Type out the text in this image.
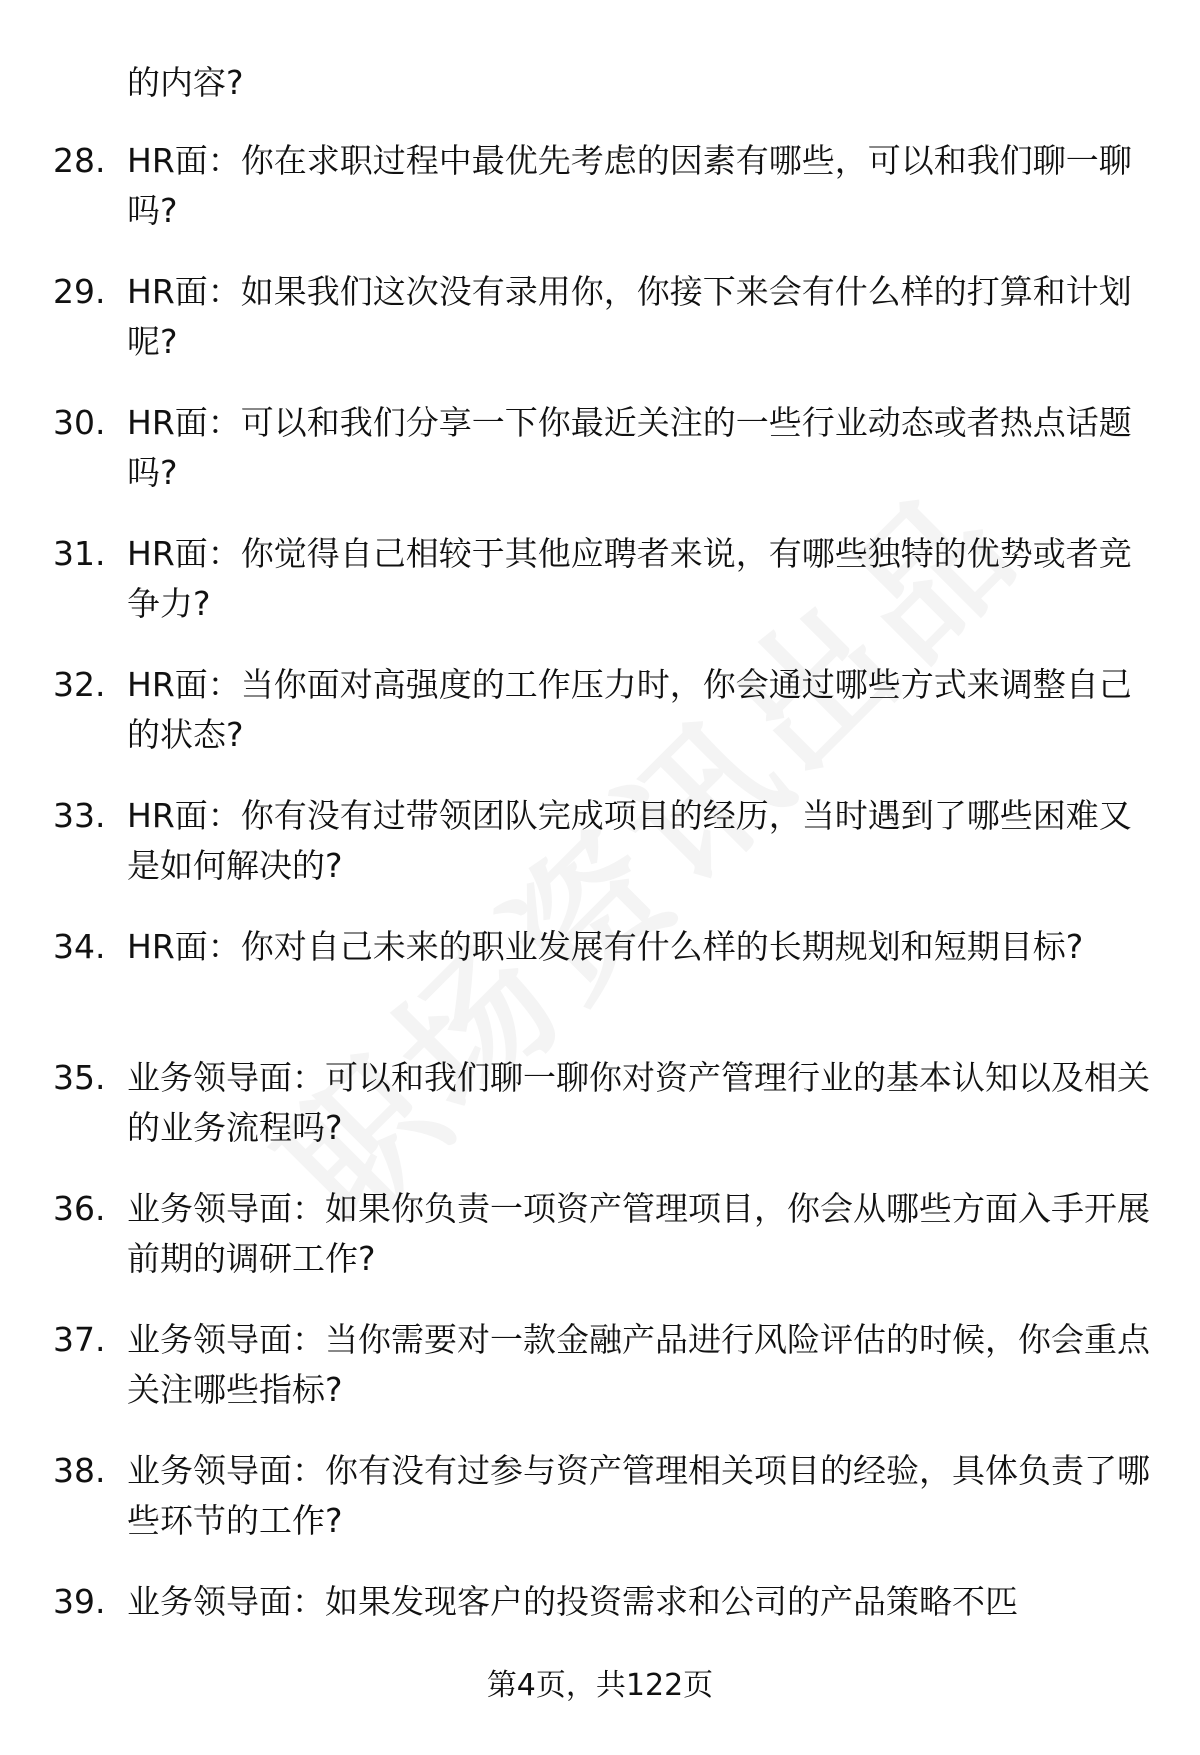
的内容?

28. HR面：你在求职过程中最优先考虑的因素有哪些，可以和我们聊一聊吗?

29. HR面：如果我们这次没有录用你，你接下来会有什么样的打算和计划呢?

30. HR面：可以和我们分享一下你最近关注的一些行业动态或者热点话题吗?

31. HR面：你觉得自己相较于其他应聘者来说，有哪些独特的优势或者竞争力?

32. HR面：当你面对高强度的工作压力时，你会通过哪些方式来调整自己的状态?

33. HR面：你有没有过带领团队完成项目的经历，当时遇到了哪些困难又是如何解决的?

34. HR面：你对自己未来的职业发展有什么样的长期规划和短期目标?

35. 业务领导面：可以和我们聊一聊你对资产管理行业的基本认知以及相关的业务流程吗?

36. 业务领导面：如果你负责一项资产管理项目，你会从哪些方面入手开展前期的调研工作?

37. 业务领导面：当你需要对一款金融产品进行风险评估的时候，你会重点关注哪些指标?

38. 业务领导面：你有没有过参与资产管理相关项目的经验，具体负责了哪些环节的工作?

39. 业务领导面：如果发现客户的投资需求和公司的产品策略不匹

第4页，共122页
